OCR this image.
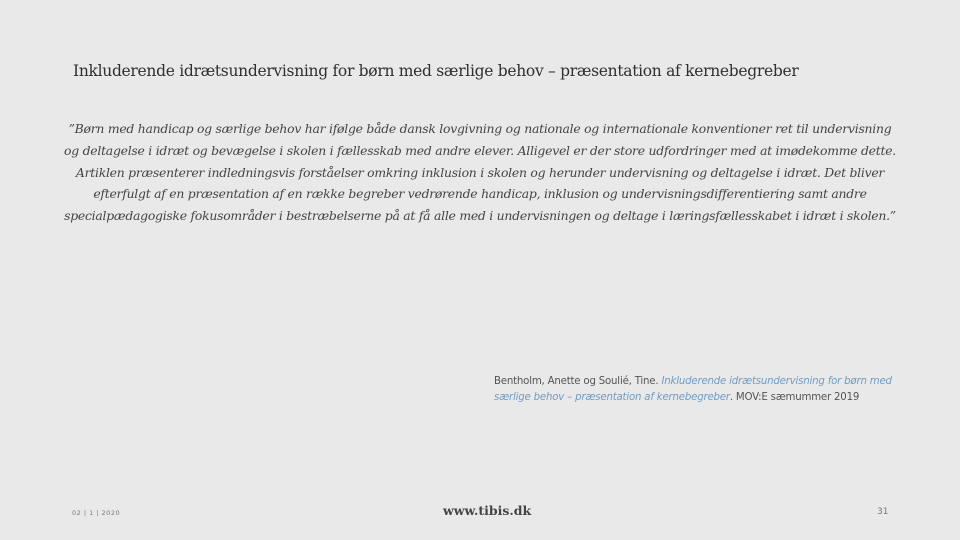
Inkluderende idrætsundervisning for børn med særlige behov – præsentation af kernebegreber
”Børn med handicap og særlige behov har ifølge både dansk lovgivning og nationale og internationale konventioner ret til undervisning og deltagelse i idræt og bevægelse i skolen i fællesskab med andre elever. Alligevel er der store udfordringer med at imødekomme dette. Artiklen præsenterer indledningsvis forståelser omkring inklusion i skolen og herunder undervisning og deltagelse i idræt. Det bliver efterfulgt af en præsentation af en række begreber vedrørende handicap, inklusion og undervisningsdifferentiering samt andre specialpædagogiske fokusområder i bestræbelserne på at få alle med i undervisningen og deltage i læringsfællesskabet i idræt i skolen.”
Bentholm, Anette og Soulié, Tine. Inkluderende idrætsundervisning for børn med særlige behov – præsentation af kernebegreber. MOV:E sæmummer 2019
02 | 1 | 2020	www.tibis.dk	31
